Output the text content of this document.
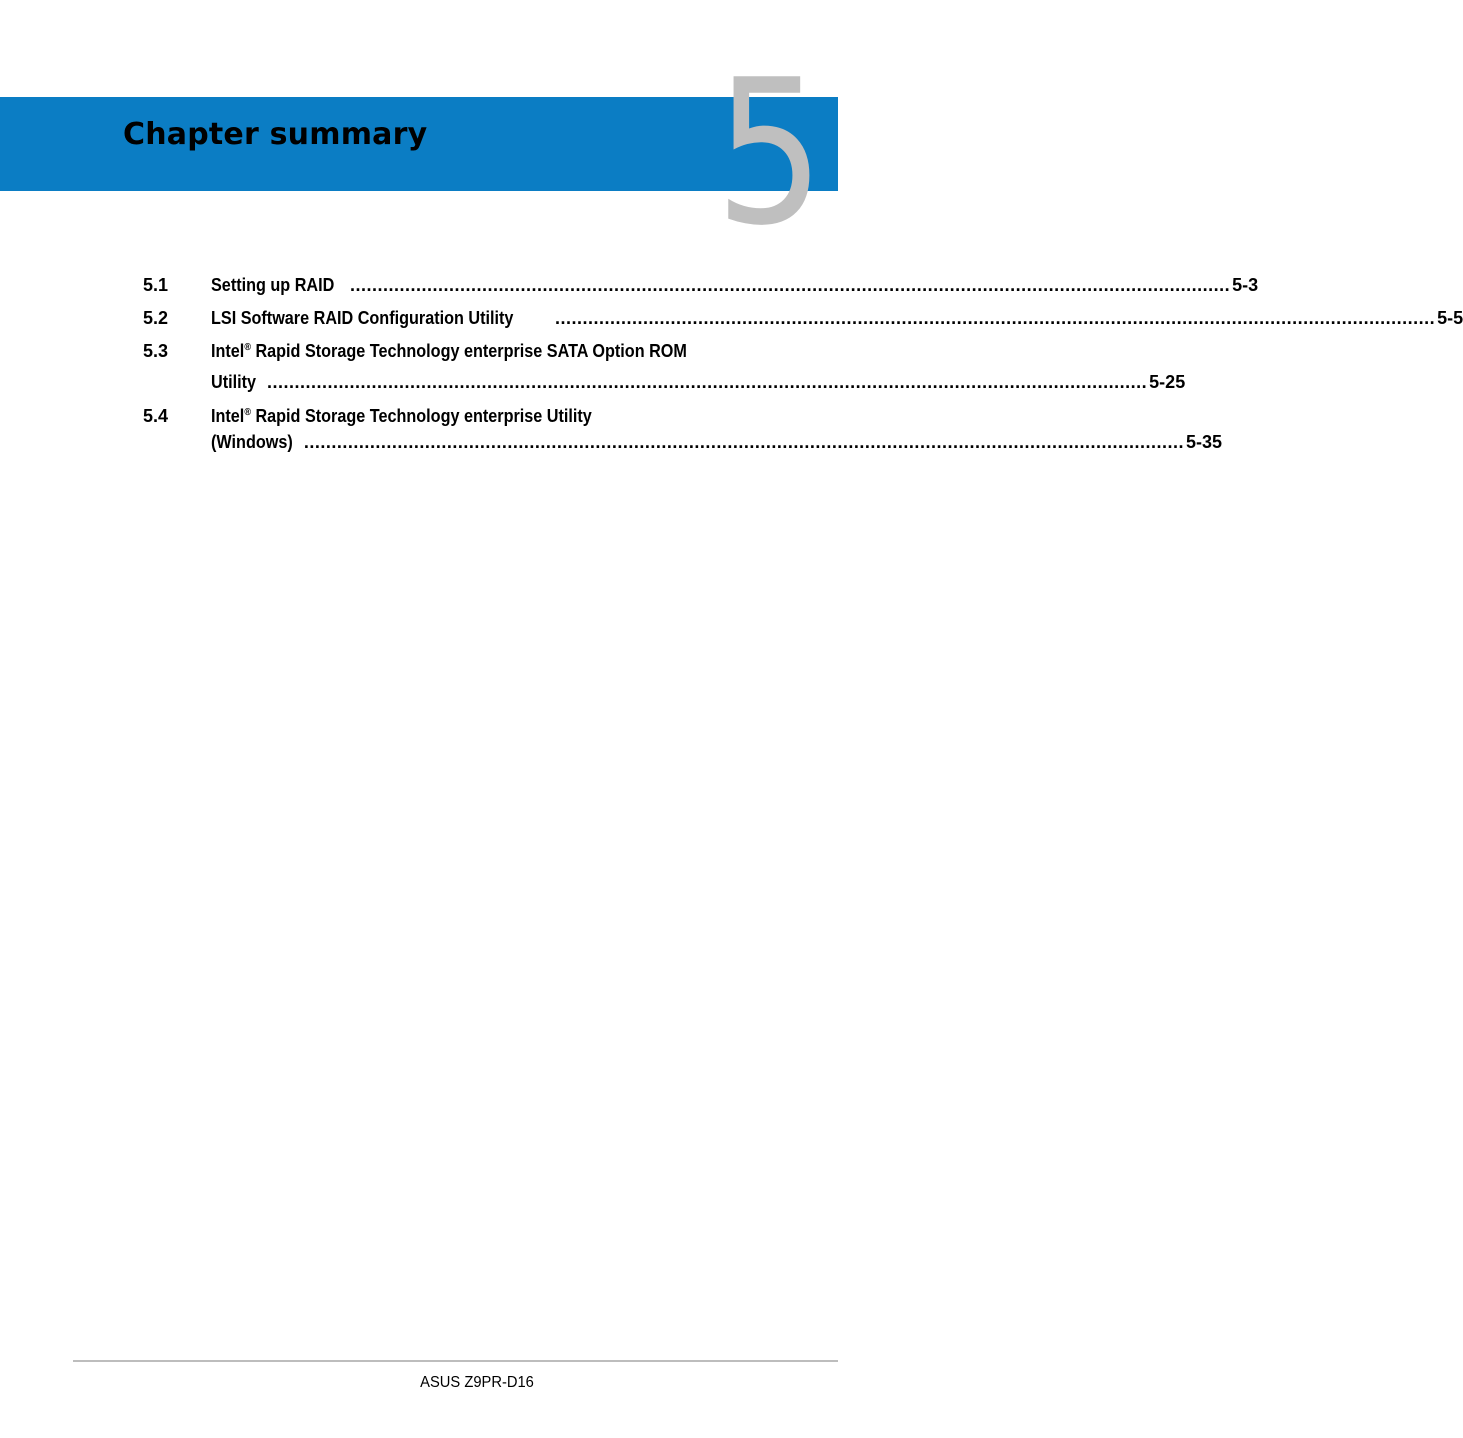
Chapter summary 5
5.1	Setting up RAID ................................................................................................................................................................ 5-3
5.2	LSI Software RAID Configuration Utility ................................................................................................................................................................ 5-5
5.3	Intel® Rapid Storage Technology enterprise SATA Option ROM
Utility ................................................................................................................................................................ 5-25
5.4	Intel® Rapid Storage Technology enterprise Utility
(Windows) ................................................................................................................................................................ 5-35
ASUS Z9PR-D16
